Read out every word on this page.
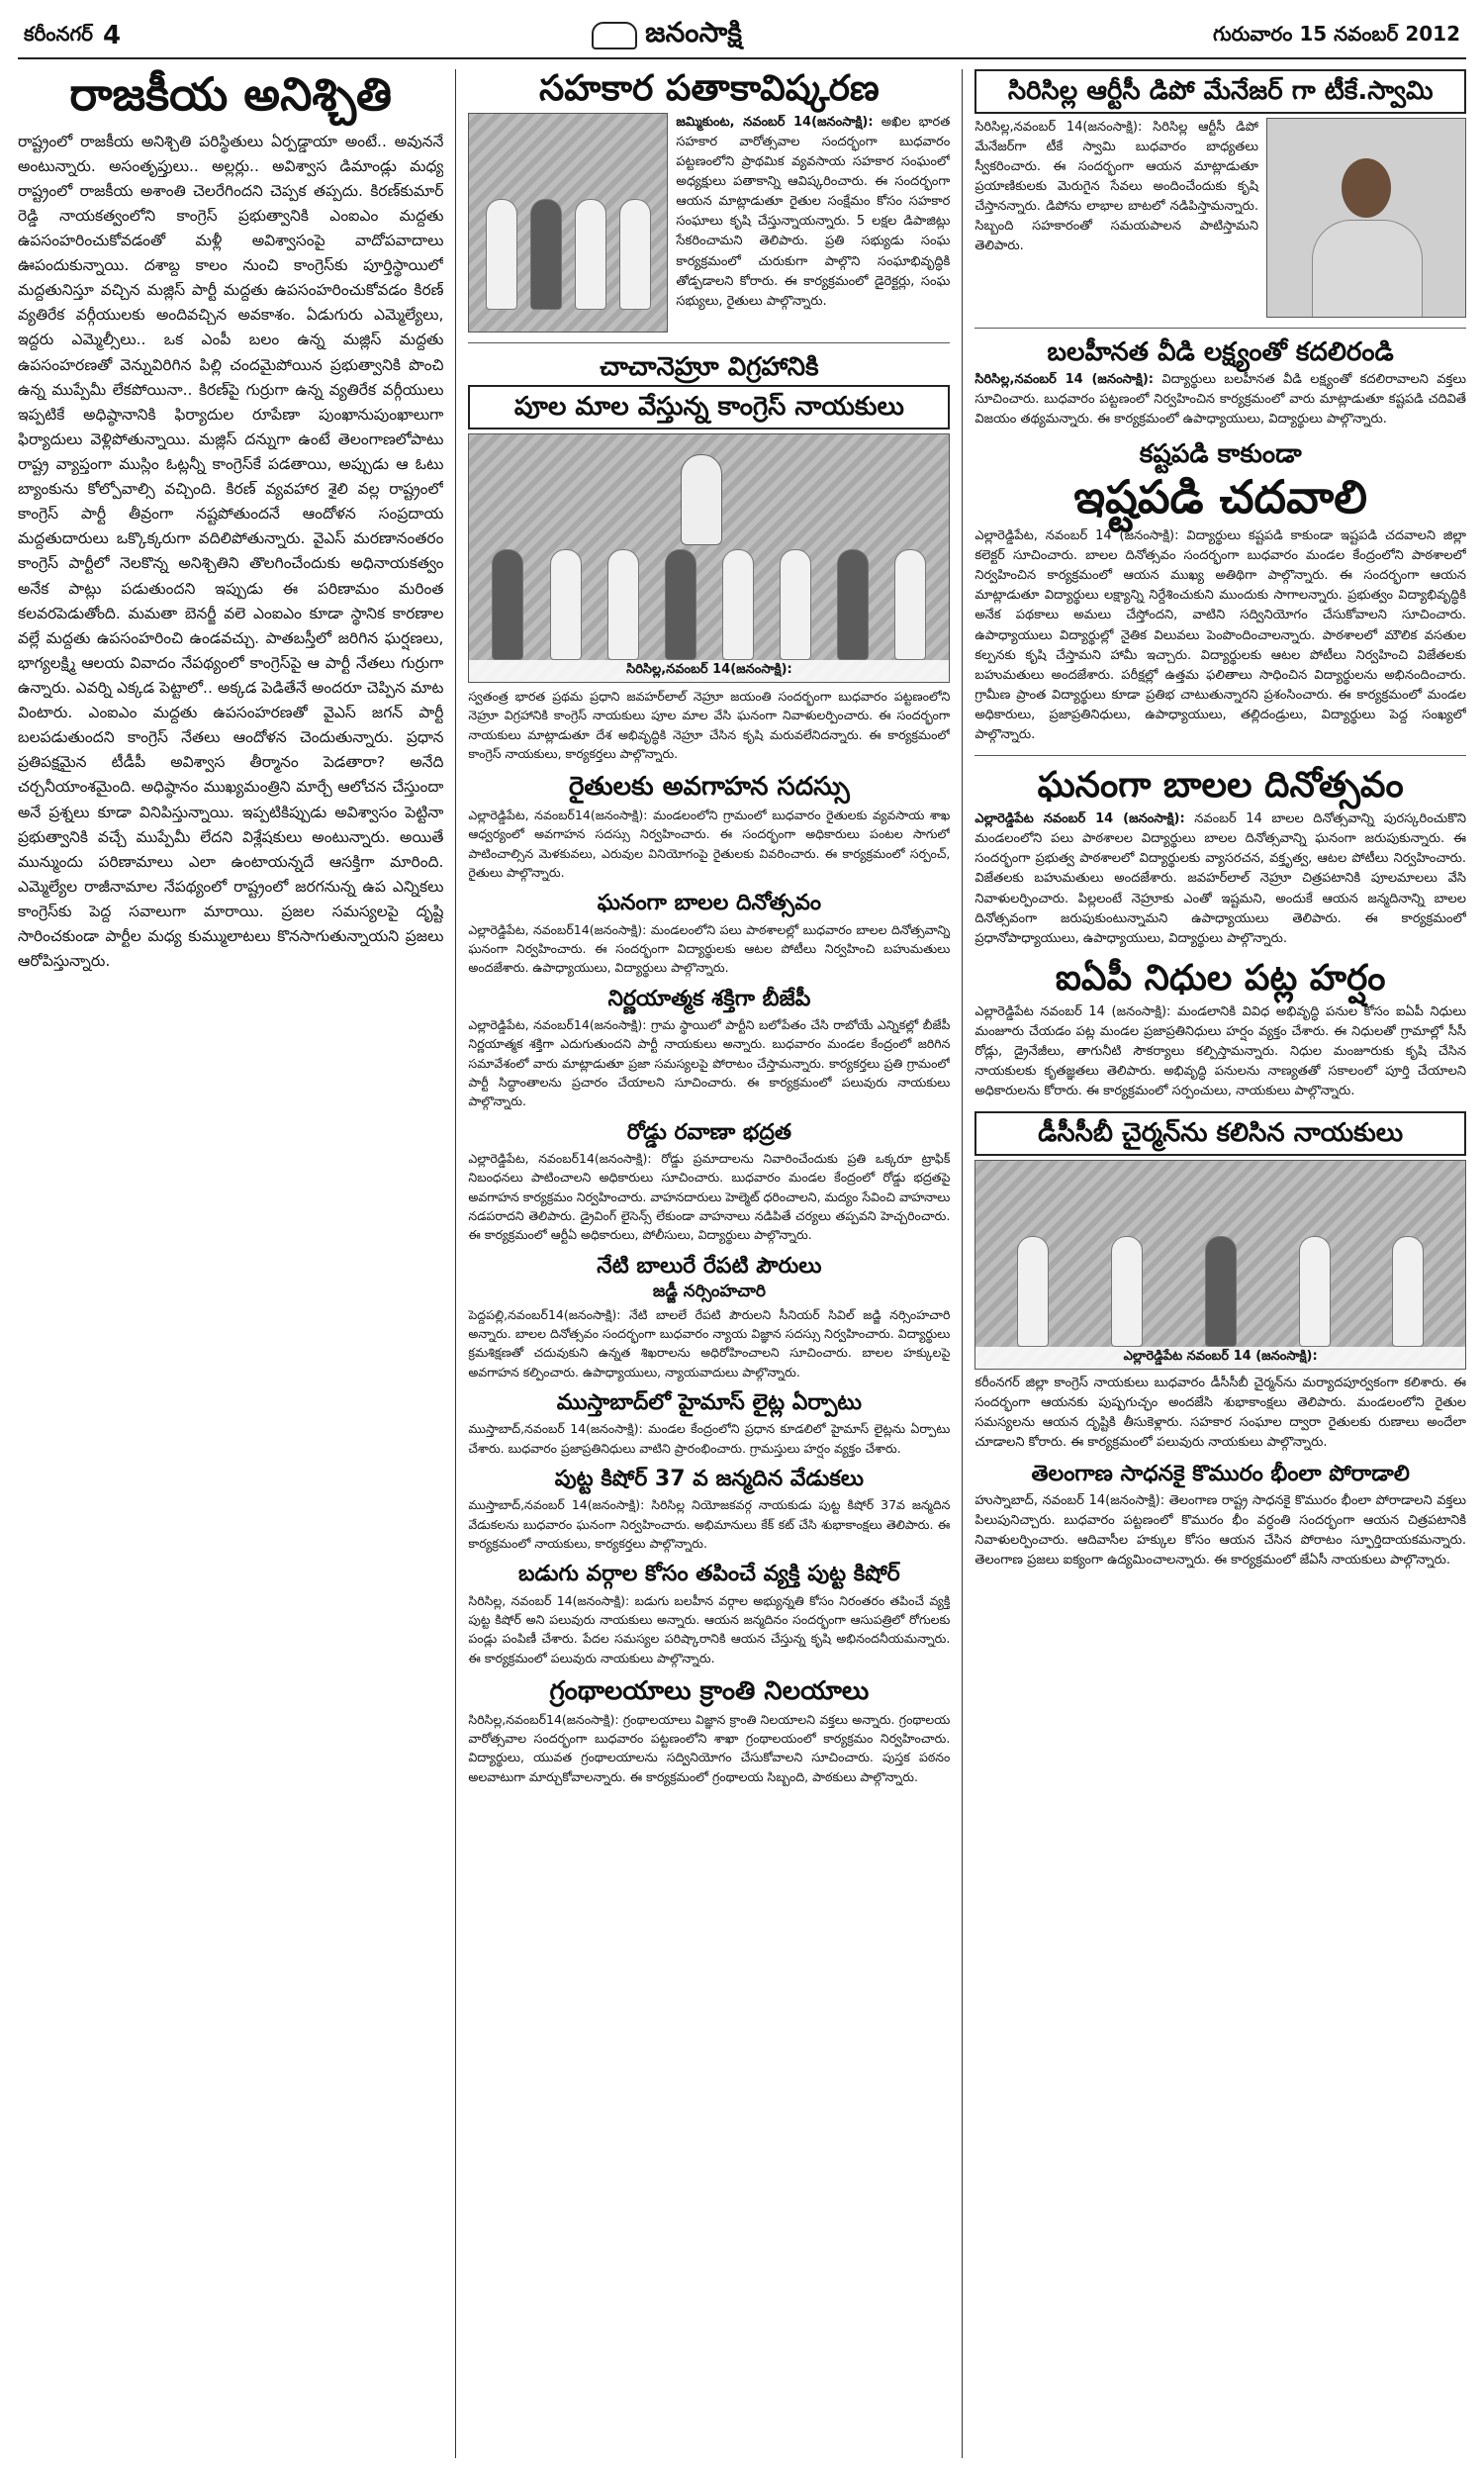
కరీంనగర్ 4	జనంసాక్షి	గురువారం 15 నవంబర్ 2012
రాజకీయ అనిశ్చితి

రాష్ట్రంలో రాజకీయ అనిశ్చితి పరిస్థితులు ఏర్పడ్డాయా అంటే.. అవుననే అంటున్నారు. అసంతృప్తులు.. అల్లర్లు.. అవిశ్వాస డిమాండ్లు మధ్య రాష్ట్రంలో రాజకీయ అశాంతి చెలరేగిందని చెప్పక తప్పదు. కిరణ్‌కుమార్‌ రెడ్డి నాయకత్వంలోని కాంగ్రెస్‌ ప్రభుత్వానికి ఎంఐఎం మద్దతు ఉపసంహరించుకోవడంతో మళ్లీ అవిశ్వాసంపై వాదోపవాదాలు ఊపందుకున్నాయి. దశాబ్ద కాలం నుంచి కాంగ్రెస్‌కు పూర్తిస్థాయిలో మద్దతునిస్తూ వచ్చిన మజ్లిస్‌ పార్టీ మద్దతు ఉపసంహరించుకోవడం కిరణ్‌ వ్యతిరేక వర్గీయులకు అందివచ్చిన అవకాశం. ఏడుగురు ఎమ్మెల్యేలు, ఇద్దరు ఎమ్మెల్సీలు.. ఒక ఎంపీ బలం ఉన్న మజ్లిస్‌ మద్దతు ఉపసంహరణతో వెన్నువిరిగిన పిల్లి చందమైపోయిన ప్రభుత్వానికి పొంచి ఉన్న ముప్పేమీ లేకపోయినా.. కిరణ్‌పై గుర్రుగా ఉన్న వ్యతిరేక వర్గీయులు ఇప్పటికే అధిష్ఠానానికి ఫిర్యాదుల రూపేణా పుంఖానుపుంఖాలుగా ఫిర్యాదులు వెళ్లిపోతున్నాయి. మజ్లిస్‌ దన్నుగా ఉంటే తెలంగాణలోపాటు రాష్ట్ర వ్యాప్తంగా ముస్లిం ఓట్లన్నీ కాంగ్రెస్‌కే పడతాయి, అప్పుడు ఆ ఓటు బ్యాంకును కోల్పోవాల్సి వచ్చింది. కిరణ్‌ వ్యవహార శైలి వల్ల రాష్ట్రంలో కాంగ్రెస్‌ పార్టీ తీవ్రంగా నష్టపోతుందనే ఆందోళన సంప్రదాయ మద్దతుదారులు ఒక్కొక్కరుగా వదిలిపోతున్నారు. వైఎస్‌ మరణానంతరం కాంగ్రెస్‌ పార్టీలో నెలకొన్న అనిశ్చితిని తొలగించేందుకు అధినాయకత్వం అనేక పాట్లు పడుతుందని ఇప్పుడు ఈ పరిణామం మరింత కలవరపెడుతోంది. మమతా బెనర్జీ వలె ఎంఐఎం కూడా స్థానిక కారణాల వల్లే మద్దతు ఉపసంహరించి ఉండవచ్చు. పాతబస్తీలో జరిగిన ఘర్షణలు, భాగ్యలక్ష్మి ఆలయ వివాదం నేపథ్యంలో కాంగ్రెస్‌పై ఆ పార్టీ నేతలు గుర్రుగా ఉన్నారు. ఎవర్ని ఎక్కడ పెట్టాలో.. అక్కడ పెడితేనే అందరూ చెప్పిన మాట వింటారు. ఎంఐఎం మద్దతు ఉపసంహరణతో వైఎస్‌ జగన్‌ పార్టీ బలపడుతుందని కాంగ్రెస్‌ నేతలు ఆందోళన చెందుతున్నారు. ప్రధాన ప్రతిపక్షమైన టీడీపీ అవిశ్వాస తీర్మానం పెడతారా? అనేది చర్చనీయాంశమైంది. అధిష్ఠానం ముఖ్యమంత్రిని మార్చే ఆలోచన చేస్తుందా అనే ప్రశ్నలు కూడా వినిపిస్తున్నాయి. ఇప్పటికిప్పుడు అవిశ్వాసం పెట్టినా ప్రభుత్వానికి వచ్చే ముప్పేమీ లేదని విశ్లేషకులు అంటున్నారు. అయితే మున్ముందు పరిణామాలు ఎలా ఉంటాయన్నదే ఆసక్తిగా మారింది. ఎమ్మెల్యేల రాజీనామాల నేపథ్యంలో రాష్ట్రంలో జరగనున్న ఉప ఎన్నికలు కాంగ్రెస్‌కు పెద్ద సవాలుగా మారాయి. ప్రజల సమస్యలపై దృష్టి సారించకుండా పార్టీల మధ్య కుమ్ములాటలు కొనసాగుతున్నాయని ప్రజలు ఆరోపిస్తున్నారు.

సహకార పతాకావిష్కరణ

జమ్మికుంట, నవంబర్ 14(జనంసాక్షి): అఖిల భారత సహకార వారోత్సవాల సందర్భంగా బుధవారం పట్టణంలోని ప్రాథమిక వ్యవసాయ సహకార సంఘంలో అధ్యక్షులు పతాకాన్ని ఆవిష్కరించారు. ఈ సందర్భంగా ఆయన మాట్లాడుతూ రైతుల సంక్షేమం కోసం సహకార సంఘాలు కృషి చేస్తున్నాయన్నారు. 5 లక్షల డిపాజిట్లు సేకరించామని తెలిపారు. ప్రతి సభ్యుడు సంఘ కార్యక్రమంలో చురుకుగా పాల్గొని సంఘాభివృద్ధికి తోడ్పడాలని కోరారు. ఈ కార్యక్రమంలో డైరెక్టర్లు, సంఘ సభ్యులు, రైతులు పాల్గొన్నారు.

చాచానెహ్రూ విగ్రహానికి
పూల మాల వేస్తున్న కాంగ్రెస్ నాయకులు
సిరిసిల్ల,నవంబర్ 14(జనంసాక్షి):

స్వతంత్ర భారత ప్రథమ ప్రధాని జవహర్‌లాల్‌ నెహ్రూ జయంతి సందర్భంగా బుధవారం పట్టణంలోని నెహ్రూ విగ్రహానికి కాంగ్రెస్‌ నాయకులు పూల మాల వేసి ఘనంగా నివాళులర్పించారు. ఈ సందర్భంగా నాయకులు మాట్లాడుతూ దేశ అభివృద్ధికి నెహ్రూ చేసిన కృషి మరువలేనిదన్నారు. ఈ కార్యక్రమంలో కాంగ్రెస్‌ నాయకులు, కార్యకర్తలు పాల్గొన్నారు.

రైతులకు అవగాహన సదస్సు

ఎల్లారెడ్డిపేట, నవంబర్‌14(జనంసాక్షి): మండలంలోని గ్రామంలో బుధవారం రైతులకు వ్యవసాయ శాఖ ఆధ్వర్యంలో అవగాహన సదస్సు నిర్వహించారు. ఈ సందర్భంగా అధికారులు పంటల సాగులో పాటించాల్సిన మెళకువలు, ఎరువుల వినియోగంపై రైతులకు వివరించారు. ఈ కార్యక్రమంలో సర్పంచ్‌, రైతులు పాల్గొన్నారు.

ఘనంగా బాలల దినోత్సవం

ఎల్లారెడ్డిపేట, నవంబర్‌14(జనంసాక్షి): మండలంలోని పలు పాఠశాలల్లో బుధవారం బాలల దినోత్సవాన్ని ఘనంగా నిర్వహించారు. ఈ సందర్భంగా విద్యార్థులకు ఆటల పోటీలు నిర్వహించి బహుమతులు అందజేశారు. ఉపాధ్యాయులు, విద్యార్థులు పాల్గొన్నారు.

నిర్ణయాత్మక శక్తిగా బీజేపీ

ఎల్లారెడ్డిపేట, నవంబర్‌14(జనంసాక్షి): గ్రామ స్థాయిలో పార్టీని బలోపేతం చేసి రాబోయే ఎన్నికల్లో బీజేపీ నిర్ణయాత్మక శక్తిగా ఎదుగుతుందని పార్టీ నాయకులు అన్నారు. బుధవారం మండల కేంద్రంలో జరిగిన సమావేశంలో వారు మాట్లాడుతూ ప్రజా సమస్యలపై పోరాటం చేస్తామన్నారు. కార్యకర్తలు ప్రతి గ్రామంలో పార్టీ సిద్ధాంతాలను ప్రచారం చేయాలని సూచించారు. ఈ కార్యక్రమంలో పలువురు నాయకులు పాల్గొన్నారు.

రోడ్డు రవాణా భద్రత

ఎల్లారెడ్డిపేట, నవంబర్‌14(జనంసాక్షి): రోడ్డు ప్రమాదాలను నివారించేందుకు ప్రతి ఒక్కరూ ట్రాఫిక్‌ నిబంధనలు పాటించాలని అధికారులు సూచించారు. బుధవారం మండల కేంద్రంలో రోడ్డు భద్రతపై అవగాహన కార్యక్రమం నిర్వహించారు. వాహనదారులు హెల్మెట్‌ ధరించాలని, మద్యం సేవించి వాహనాలు నడపరాదని తెలిపారు. డ్రైవింగ్‌ లైసెన్స్‌ లేకుండా వాహనాలు నడిపితే చర్యలు తప్పవని హెచ్చరించారు. ఈ కార్యక్రమంలో ఆర్టీఏ అధికారులు, పోలీసులు, విద్యార్థులు పాల్గొన్నారు.

నేటి బాలురే రేపటి పౌరులు
జడ్జీ నర్సింహచారి

పెద్దపల్లి,నవంబర్‌14(జనంసాక్షి): నేటి బాలలే రేపటి పౌరులని సీనియర్‌ సివిల్‌ జడ్జి నర్సింహచారి అన్నారు. బాలల దినోత్సవం సందర్భంగా బుధవారం న్యాయ విజ్ఞాన సదస్సు నిర్వహించారు. విద్యార్థులు క్రమశిక్షణతో చదువుకుని ఉన్నత శిఖరాలను అధిరోహించాలని సూచించారు. బాలల హక్కులపై అవగాహన కల్పించారు. ఉపాధ్యాయులు, న్యాయవాదులు పాల్గొన్నారు.

ముస్తాబాద్‌లో హైమాస్ లైట్ల ఏర్పాటు

ముస్తాబాద్,నవంబర్ 14(జనంసాక్షి): మండల కేంద్రంలోని ప్రధాన కూడలిలో హైమాస్‌ లైట్లను ఏర్పాటు చేశారు. బుధవారం ప్రజాప్రతినిధులు వాటిని ప్రారంభించారు. గ్రామస్తులు హర్షం వ్యక్తం చేశారు.

పుట్ట కిషోర్ 37 వ జన్మదిన వేడుకలు

ముస్తాబాద్,నవంబర్ 14(జనంసాక్షి): సిరిసిల్ల నియోజకవర్గ నాయకుడు పుట్ట కిషోర్‌ 37వ జన్మదిన వేడుకలను బుధవారం ఘనంగా నిర్వహించారు. అభిమానులు కేక్‌ కట్‌ చేసి శుభాకాంక్షలు తెలిపారు. ఈ కార్యక్రమంలో నాయకులు, కార్యకర్తలు పాల్గొన్నారు.

బడుగు వర్గాల కోసం తపించే వ్యక్తి పుట్ట కిషోర్

సిరిసిల్ల, నవంబర్ 14(జనంసాక్షి): బడుగు బలహీన వర్గాల అభ్యున్నతి కోసం నిరంతరం తపించే వ్యక్తి పుట్ట కిషోర్‌ అని పలువురు నాయకులు అన్నారు. ఆయన జన్మదినం సందర్భంగా ఆసుపత్రిలో రోగులకు పండ్లు పంపిణీ చేశారు. పేదల సమస్యల పరిష్కారానికి ఆయన చేస్తున్న కృషి అభినందనీయమన్నారు. ఈ కార్యక్రమంలో పలువురు నాయకులు పాల్గొన్నారు.

గ్రంథాలయాలు క్రాంతి నిలయాలు

సిరిసిల్ల,నవంబర్‌14(జనంసాక్షి): గ్రంథాలయాలు విజ్ఞాన క్రాంతి నిలయాలని వక్తలు అన్నారు. గ్రంథాలయ వారోత్సవాల సందర్భంగా బుధవారం పట్టణంలోని శాఖా గ్రంథాలయంలో కార్యక్రమం నిర్వహించారు. విద్యార్థులు, యువత గ్రంథాలయాలను సద్వినియోగం చేసుకోవాలని సూచించారు. పుస్తక పఠనం అలవాటుగా మార్చుకోవాలన్నారు. ఈ కార్యక్రమంలో గ్రంథాలయ సిబ్బంది, పాఠకులు పాల్గొన్నారు.

సిరిసిల్ల ఆర్టీసీ డిపో మేనేజర్ గా టీకే.స్వామి

సిరిసిల్ల,నవంబర్ 14(జనంసాక్షి): సిరిసిల్ల ఆర్టీసీ డిపో మేనేజర్‌గా టీకే స్వామి బుధవారం బాధ్యతలు స్వీకరించారు. ఈ సందర్భంగా ఆయన మాట్లాడుతూ ప్రయాణికులకు మెరుగైన సేవలు అందించేందుకు కృషి చేస్తానన్నారు. డిపోను లాభాల బాటలో నడిపిస్తామన్నారు. సిబ్బంది సహకారంతో సమయపాలన పాటిస్తామని తెలిపారు.

బలహీనత వీడి లక్ష్యంతో కదలిరండి

సిరిసిల్ల,నవంబర్ 14 (జనంసాక్షి): విద్యార్థులు బలహీనత వీడి లక్ష్యంతో కదలిరావాలని వక్తలు సూచించారు. బుధవారం పట్టణంలో నిర్వహించిన కార్యక్రమంలో వారు మాట్లాడుతూ కష్టపడి చదివితే విజయం తథ్యమన్నారు. ఈ కార్యక్రమంలో ఉపాధ్యాయులు, విద్యార్థులు పాల్గొన్నారు.

కష్టపడి కాకుండా
ఇష్టపడి చదవాలి

ఎల్లారెడ్డిపేట, నవంబర్ 14 (జనంసాక్షి): విద్యార్థులు కష్టపడి కాకుండా ఇష్టపడి చదవాలని జిల్లా కలెక్టర్‌ సూచించారు. బాలల దినోత్సవం సందర్భంగా బుధవారం మండల కేంద్రంలోని పాఠశాలలో నిర్వహించిన కార్యక్రమంలో ఆయన ముఖ్య అతిథిగా పాల్గొన్నారు. ఈ సందర్భంగా ఆయన మాట్లాడుతూ విద్యార్థులు లక్ష్యాన్ని నిర్దేశించుకుని ముందుకు సాగాలన్నారు. ప్రభుత్వం విద్యాభివృద్ధికి అనేక పథకాలు అమలు చేస్తోందని, వాటిని సద్వినియోగం చేసుకోవాలని సూచించారు. ఉపాధ్యాయులు విద్యార్థుల్లో నైతిక విలువలు పెంపొందించాలన్నారు. పాఠశాలలో మౌలిక వసతుల కల్పనకు కృషి చేస్తామని హామీ ఇచ్చారు. విద్యార్థులకు ఆటల పోటీలు నిర్వహించి విజేతలకు బహుమతులు అందజేశారు. పరీక్షల్లో ఉత్తమ ఫలితాలు సాధించిన విద్యార్థులను అభినందించారు. గ్రామీణ ప్రాంత విద్యార్థులు కూడా ప్రతిభ చాటుతున్నారని ప్రశంసించారు. ఈ కార్యక్రమంలో మండల అధికారులు, ప్రజాప్రతినిధులు, ఉపాధ్యాయులు, తల్లిదండ్రులు, విద్యార్థులు పెద్ద సంఖ్యలో పాల్గొన్నారు.

ఘనంగా బాలల దినోత్సవం

ఎల్లారెడ్డిపేట నవంబర్ 14 (జనంసాక్షి): నవంబర్ 14 బాలల దినోత్సవాన్ని పురస్కరించుకొని మండలంలోని పలు పాఠశాలల విద్యార్థులు బాలల దినోత్సవాన్ని ఘనంగా జరుపుకున్నారు. ఈ సందర్భంగా ప్రభుత్వ పాఠశాలలో విద్యార్థులకు వ్యాసరచన, వక్తృత్వ, ఆటల పోటీలు నిర్వహించారు. విజేతలకు బహుమతులు అందజేశారు. జవహర్‌లాల్‌ నెహ్రూ చిత్రపటానికి పూలమాలలు వేసి నివాళులర్పించారు. పిల్లలంటే నెహ్రూకు ఎంతో ఇష్టమని, అందుకే ఆయన జన్మదినాన్ని బాలల దినోత్సవంగా జరుపుకుంటున్నామని ఉపాధ్యాయులు తెలిపారు. ఈ కార్యక్రమంలో ప్రధానోపాధ్యాయులు, ఉపాధ్యాయులు, విద్యార్థులు పాల్గొన్నారు.

ఐఏపీ నిధుల పట్ల హర్షం

ఎల్లారెడ్డిపేట నవంబర్ 14 (జనంసాక్షి): మండలానికి వివిధ అభివృద్ధి పనుల కోసం ఐఏపీ నిధులు మంజూరు చేయడం పట్ల మండల ప్రజాప్రతినిధులు హర్షం వ్యక్తం చేశారు. ఈ నిధులతో గ్రామాల్లో సీసీ రోడ్లు, డ్రైనేజీలు, తాగునీటి సౌకర్యాలు కల్పిస్తామన్నారు. నిధుల మంజూరుకు కృషి చేసిన నాయకులకు కృతజ్ఞతలు తెలిపారు. అభివృద్ధి పనులను నాణ్యతతో సకాలంలో పూర్తి చేయాలని అధికారులను కోరారు. ఈ కార్యక్రమంలో సర్పంచులు, నాయకులు పాల్గొన్నారు.

డీసీసీబీ చైర్మన్‌ను కలిసిన నాయకులు
ఎల్లారెడ్డిపేట నవంబర్ 14 (జనంసాక్షి):

కరీంనగర్ జిల్లా కాంగ్రెస్ నాయకులు బుధవారం డీసీసీబీ చైర్మన్‌ను మర్యాదపూర్వకంగా కలిశారు. ఈ సందర్భంగా ఆయనకు పుష్పగుచ్ఛం అందజేసి శుభాకాంక్షలు తెలిపారు. మండలంలోని రైతుల సమస్యలను ఆయన దృష్టికి తీసుకెళ్లారు. సహకార సంఘాల ద్వారా రైతులకు రుణాలు అందేలా చూడాలని కోరారు. ఈ కార్యక్రమంలో పలువురు నాయకులు పాల్గొన్నారు.

తెలంగాణ సాధనకై కొమురం భీంలా పోరాడాలి

హుస్నాబాద్, నవంబర్ 14(జనంసాక్షి): తెలంగాణ రాష్ట్ర సాధనకై కొమురం భీంలా పోరాడాలని వక్తలు పిలుపునిచ్చారు. బుధవారం పట్టణంలో కొమురం భీం వర్ధంతి సందర్భంగా ఆయన చిత్రపటానికి నివాళులర్పించారు. ఆదివాసీల హక్కుల కోసం ఆయన చేసిన పోరాటం స్ఫూర్తిదాయకమన్నారు. తెలంగాణ ప్రజలు ఐక్యంగా ఉద్యమించాలన్నారు. ఈ కార్యక్రమంలో జేఏసీ నాయకులు పాల్గొన్నారు.
